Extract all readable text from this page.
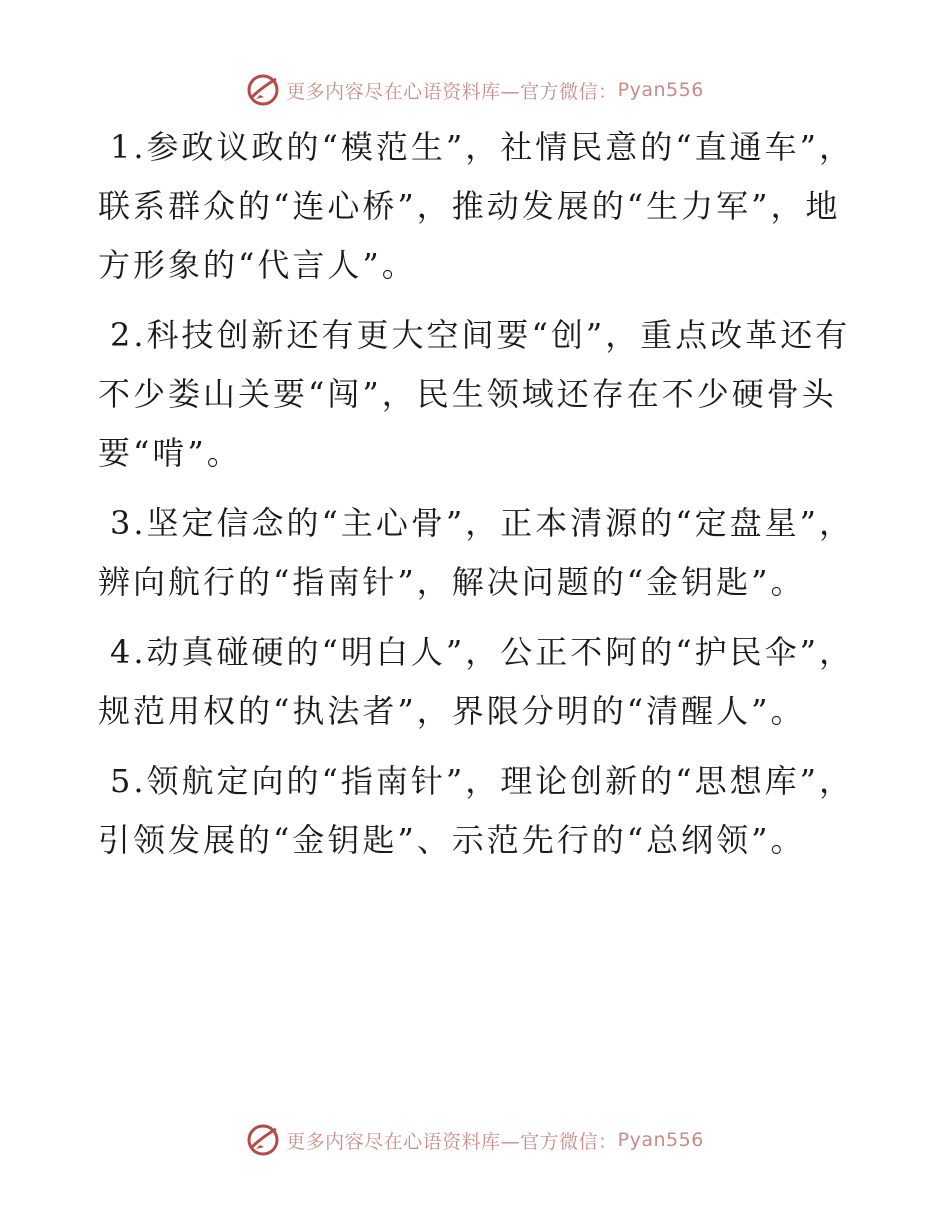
更多内容尽在心语资料库—官方微信： Pyan556

1.参政议政的“模范生”，社情民意的“直通车”，联系群众的“连心桥”，推动发展的“生力军”，地方形象的“代言人”。

2.科技创新还有更大空间要“创”，重点改革还有不少娄山关要“闯”，民生领域还存在不少硬骨头要“啃”。

3.坚定信念的“主心骨”，正本清源的“定盘星”，辨向航行的“指南针”，解决问题的“金钥匙”。

4.动真碰硬的“明白人”，公正不阿的“护民伞”，规范用权的“执法者”，界限分明的“清醒人”。

5.领航定向的“指南针”，理论创新的“思想库”，引领发展的“金钥匙”、示范先行的“总纲领”。

更多内容尽在心语资料库—官方微信： Pyan556
